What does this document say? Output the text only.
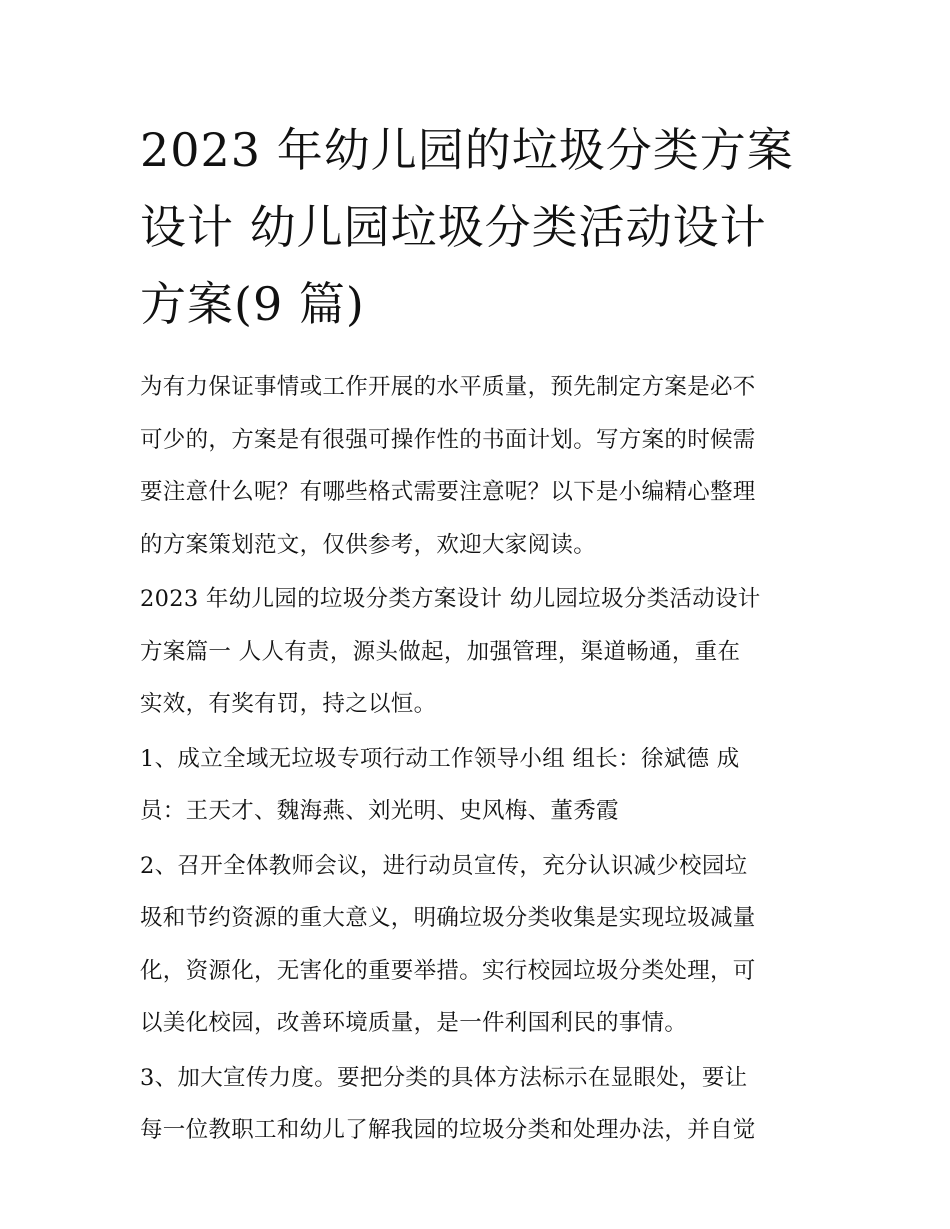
2023 年幼儿园的垃圾分类方案
设计 幼儿园垃圾分类活动设计
方案(9 篇)

为有力保证事情或工作开展的水平质量，预先制定方案是必不
可少的，方案是有很强可操作性的书面计划。写方案的时候需
要注意什么呢？有哪些格式需要注意呢？以下是小编精心整理
的方案策划范文，仅供参考，欢迎大家阅读。

2023 年幼儿园的垃圾分类方案设计 幼儿园垃圾分类活动设计
方案篇一 人人有责，源头做起，加强管理，渠道畅通，重在
实效，有奖有罚，持之以恒。

1、成立全域无垃圾专项行动工作领导小组 组长：徐斌德 成
员：王天才、魏海燕、刘光明、史风梅、董秀霞

2、召开全体教师会议，进行动员宣传，充分认识减少校园垃
圾和节约资源的重大意义，明确垃圾分类收集是实现垃圾减量
化，资源化，无害化的重要举措。实行校园垃圾分类处理，可
以美化校园，改善环境质量，是一件利国利民的事情。

3、加大宣传力度。要把分类的具体方法标示在显眼处，要让
每一位教职工和幼儿了解我园的垃圾分类和处理办法，并自觉
